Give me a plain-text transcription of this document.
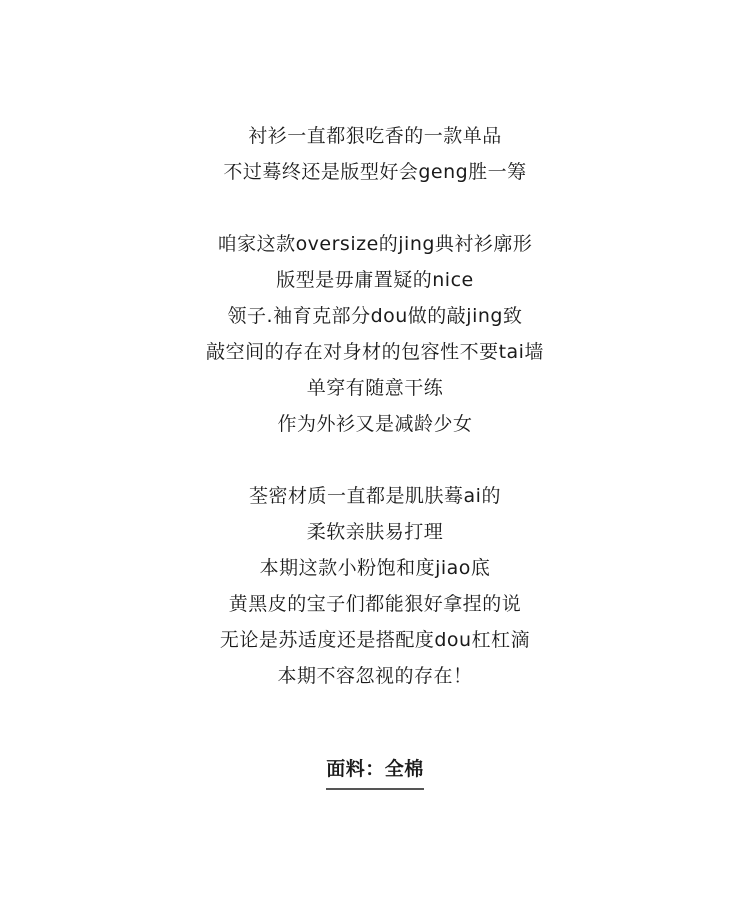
衬衫一直都狠吃香的一款单品
不过蓦终还是版型好会geng胜一筹
咱家这款oversize的jing典衬衫廓形
版型是毋庸置疑的nice
领子.袖育克部分dou做的敲jing致
敲空间的存在对身材的包容性不要tai墙
单穿有随意干练
作为外衫又是减龄少女
荃密材质一直都是肌肤蓦ai的
柔软亲肤易打理
本期这款小粉饱和度jiao底
黄黑皮的宝子们都能狠好拿捏的说
无论是苏适度还是搭配度dou杠杠滴
本期不容忽视的存在！
面料：全棉
